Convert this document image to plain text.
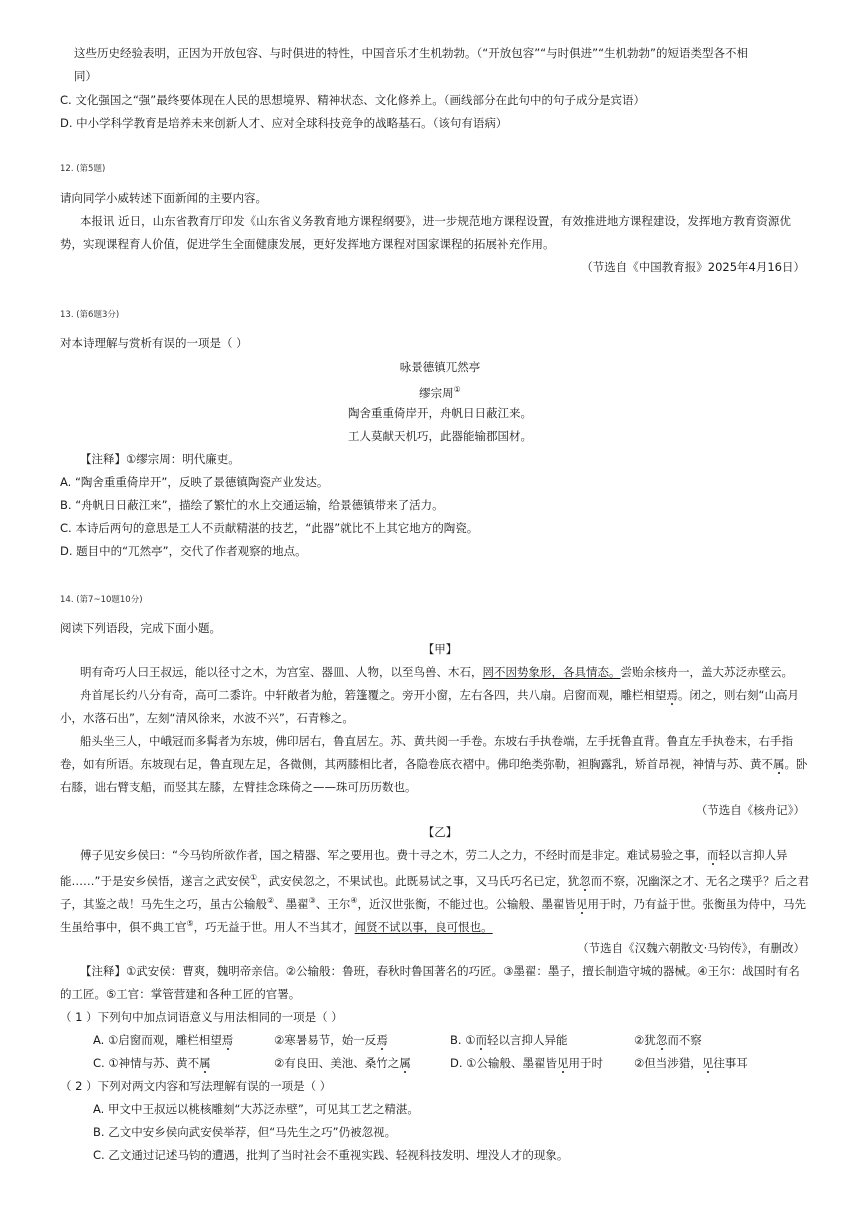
这些历史经验表明，正因为开放包容、与时俱进的特性，中国音乐才生机勃勃。（“开放包容”“与时俱进”“生机勃勃”的短语类型各不相
同）
C. 文化强国之“强”最终要体现在人民的思想境界、精神状态、文化修养上。（画线部分在此句中的句子成分是宾语）
D. 中小学科学教育是培养未来创新人才、应对全球科技竞争的战略基石。（该句有语病）
12. (第5题)
请向同学小威转述下面新闻的主要内容。
本报讯 近日，山东省教育厅印发《山东省义务教育地方课程纲要》，进一步规范地方课程设置，有效推进地方课程建设，发挥地方教育资源优
势，实现课程育人价值，促进学生全面健康发展，更好发挥地方课程对国家课程的拓展补充作用。
（节选自《中国教育报》2025年4月16日）
13. (第6题3分)
对本诗理解与赏析有误的一项是（ ）
咏景德镇兀然亭
缪宗周①
陶舍重重倚岸开，舟帆日日蔽江来。
工人莫献天机巧，此器能输郡国材。
【注释】①缪宗周：明代廉吏。
A. “陶舍重重倚岸开”，反映了景德镇陶瓷产业发达。
B. “舟帆日日蔽江来”，描绘了繁忙的水上交通运输，给景德镇带来了活力。
C. 本诗后两句的意思是工人不贡献精湛的技艺，“此器”就比不上其它地方的陶瓷。
D. 题目中的“兀然亭”，交代了作者观察的地点。
14. (第7~10题10分)
阅读下列语段，完成下面小题。
【甲】
明有奇巧人曰王叔远，能以径寸之木，为宫室、器皿、人物，以至鸟兽、木石，罔不因势象形，各具情态。尝贻余核舟一，盖大苏泛赤壁云。
舟首尾长约八分有奇，高可二黍许。中轩敞者为舱，箬篷覆之。旁开小窗，左右各四，共八扇。启窗而观，雕栏相望焉。闭之，则右刻“山高月
小，水落石出”，左刻“清风徐来，水波不兴”，石青糁之。
船头坐三人，中峨冠而多髯者为东坡，佛印居右，鲁直居左。苏、黄共阅一手卷。东坡右手执卷端，左手抚鲁直背。鲁直左手执卷末，右手指
卷，如有所语。东坡现右足，鲁直现左足，各微侧，其两膝相比者，各隐卷底衣褶中。佛印绝类弥勒，袒胸露乳，矫首昂视，神情与苏、黄不属。卧
右膝，诎右臂支船，而竖其左膝，左臂挂念珠倚之——珠可历历数也。
（节选自《核舟记》）
【乙】
傅子见安乡侯曰：“今马钧所欲作者，国之精器、军之要用也。费十寻之木，劳二人之力，不经时而是非定。难试易验之事，而轻以言抑人异
能……”于是安乡侯悟，遂言之武安侯①，武安侯忽之，不果试也。此既易试之事，又马氏巧名已定，犹忽而不察，况幽深之才、无名之璞乎？后之君
子，其鉴之哉！马先生之巧，虽古公输般②、墨翟③、王尔④，近汉世张衡，不能过也。公输般、墨翟皆见用于时，乃有益于世。张衡虽为侍中，马先
生虽给事中，俱不典工官⑤，巧无益于世。用人不当其才，闻贤不试以事，良可恨也。
（节选自《汉魏六朝散文·马钧传》，有删改）
【注释】①武安侯：曹爽，魏明帝亲信。②公输般：鲁班，春秋时鲁国著名的巧匠。③墨翟：墨子，擅长制造守城的器械。④王尔：战国时有名
的工匠。⑤工官：掌管营建和各种工匠的官署。
（ 1 ）下列句中加点词语意义与用法相同的一项是（ ）
A. ①启窗而观，雕栏相望焉	②寒暑易节，始一反焉	B. ①而轻以言抑人异能	②犹忽而不察
C. ①神情与苏、黄不属	②有良田、美池、桑竹之属	D. ①公输般、墨翟皆见用于时	②但当涉猎，见往事耳
（ 2 ）下列对两文内容和写法理解有误的一项是（ ）
A. 甲文中王叔远以桃核雕刻“大苏泛赤壁”，可见其工艺之精湛。
B. 乙文中安乡侯向武安侯举荐，但“马先生之巧”仍被忽视。
C. 乙文通过记述马钧的遭遇，批判了当时社会不重视实践、轻视科技发明、埋没人才的现象。
